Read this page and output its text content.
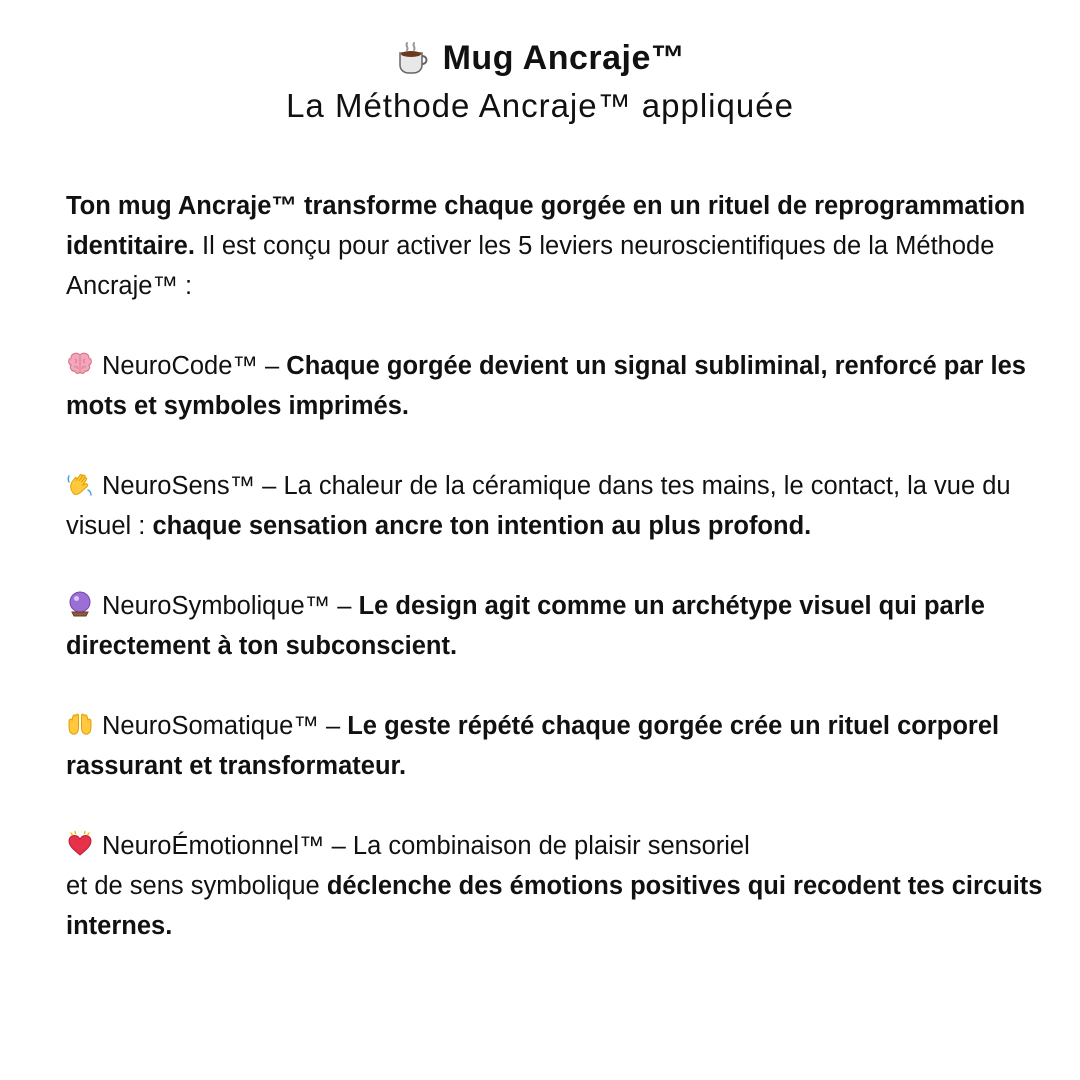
Mug Ancraje™
La Méthode Ancraje™ appliquée

Ton mug Ancraje™ transforme chaque gorgée en un rituel de reprogrammation identitaire. Il est conçu pour activer les 5 leviers neuroscientifiques de la Méthode Ancraje™ :

NeuroCode™ – Chaque gorgée devient un signal subliminal, renforcé par les mots et symboles imprimés.

NeuroSens™ – La chaleur de la céramique dans tes mains, le contact, la vue du visuel : chaque sensation ancre ton intention au plus profond.

NeuroSymbolique™ – Le design agit comme un archétype visuel qui parle directement à ton subconscient.

NeuroSomatique™ – Le geste répété chaque gorgée crée un rituel corporel rassurant et transformateur.

NeuroÉmotionnel™ – La combinaison de plaisir sensoriel
et de sens symbolique déclenche des émotions positives qui recodent tes circuits internes.
